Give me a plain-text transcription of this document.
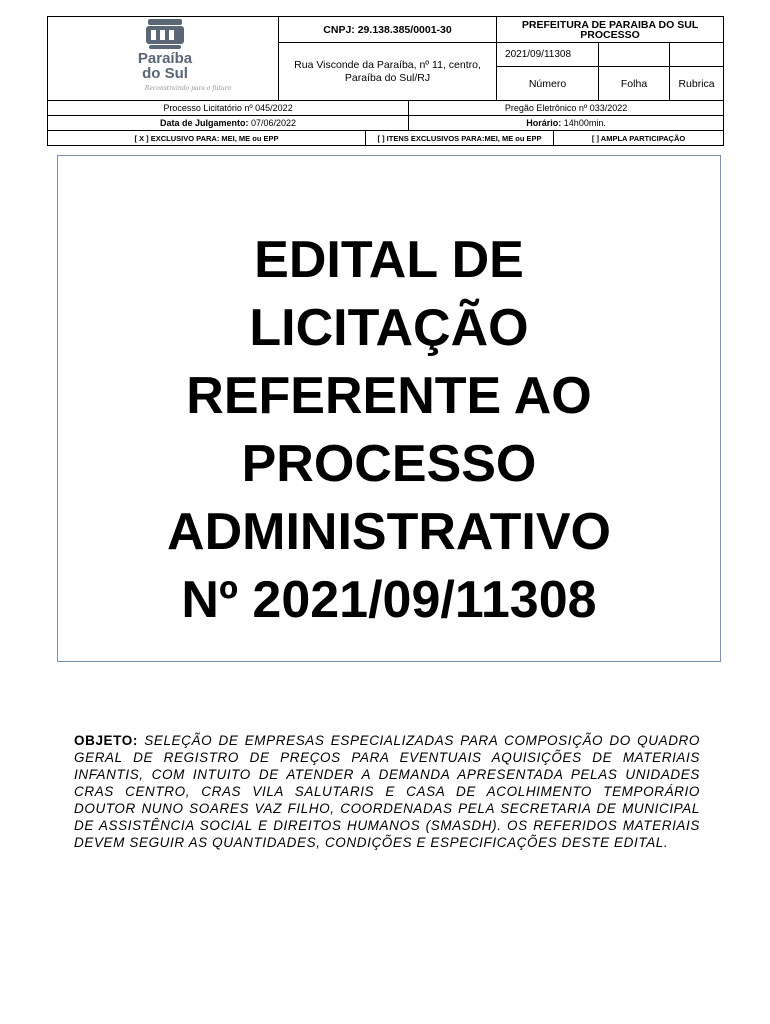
Paraíba
do Sul
Reconstruindo para o futuro	CNPJ: 29.138.385/0001-30			PREFEITURA DE PARAIBA DO SUL PROCESSO			
	Rua Visconde da Paraíba, nº 11, centro, Paraíba do Sul/RJ			2021/09/11308			
				Número		Folha	Rubrica
Processo Licitatório nº 045/2022			Pregão Eletrônico nº 033/2022				
Data de Julgamento: 07/06/2022			Horário: 14h00min.				
[ X ] EXCLUSIVO PARA: MEI, ME ou EPP		[ ] ITENS EXCLUSIVOS PARA:MEI, ME ou EPP			[ ] AMPLA PARTICIPAÇÃO		
EDITAL DE
LICITAÇÃO
REFERENTE AO
PROCESSO
ADMINISTRATIVO
Nº 2021/09/11308
OBJETO: SELEÇÃO DE EMPRESAS ESPECIALIZADAS PARA COMPOSIÇÃO DO QUADRO GERAL DE REGISTRO DE PREÇOS PARA EVENTUAIS AQUISIÇÕES DE MATERIAIS INFANTIS, COM INTUITO DE ATENDER A DEMANDA APRESENTADA PELAS UNIDADES CRAS CENTRO, CRAS VILA SALUTARIS E CASA DE ACOLHIMENTO TEMPORÁRIO DOUTOR NUNO SOARES VAZ FILHO, COORDENADAS PELA SECRETARIA DE MUNICIPAL DE ASSISTÊNCIA SOCIAL E DIREITOS HUMANOS (SMASDH). OS REFERIDOS MATERIAIS DEVEM SEGUIR AS QUANTIDADES, CONDIÇÕES E ESPECIFICAÇÕES DESTE EDITAL.
